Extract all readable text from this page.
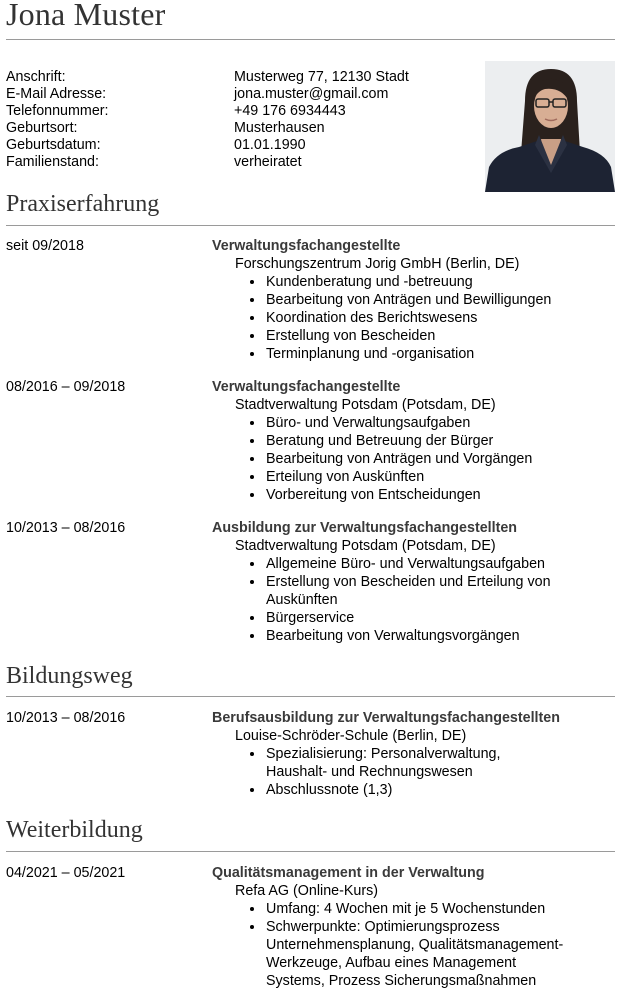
Jona Muster
Anschrift:	Musterweg 77, 12130 Stadt
E-Mail Adresse:	jona.muster@gmail.com
Telefonnummer:	+49 176 6934443
Geburtsort:	Musterhausen
Geburtsdatum:	01.01.1990
Familienstand:	verheiratet
Praxiserfahrung
seit 09/2018	Verwaltungsfachangestellte
Forschungszentrum Jorig GmbH (Berlin, DE)
• Kundenberatung und -betreuung
• Bearbeitung von Anträgen und Bewilligungen
• Koordination des Berichtswesens
• Erstellung von Bescheiden
• Terminplanung und -organisation
08/2016 – 09/2018	Verwaltungsfachangestellte
Stadtverwaltung Potsdam (Potsdam, DE)
• Büro- und Verwaltungsaufgaben
• Beratung und Betreuung der Bürger
• Bearbeitung von Anträgen und Vorgängen
• Erteilung von Auskünften
• Vorbereitung von Entscheidungen
10/2013 – 08/2016	Ausbildung zur Verwaltungsfachangestellten
Stadtverwaltung Potsdam (Potsdam, DE)
• Allgemeine Büro- und Verwaltungsaufgaben
• Erstellung von Bescheiden und Erteilung von Auskünften
• Bürgerservice
• Bearbeitung von Verwaltungsvorgängen
Bildungsweg
10/2013 – 08/2016	Berufsausbildung zur Verwaltungsfachangestellten
Louise-Schröder-Schule (Berlin, DE)
• Spezialisierung: Personalverwaltung, Haushalt- und Rechnungswesen
• Abschlussnote (1,3)
Weiterbildung
04/2021 – 05/2021	Qualitätsmanagement in der Verwaltung
Refa AG (Online-Kurs)
• Umfang: 4 Wochen mit je 5 Wochenstunden
• Schwerpunkte: Optimierungsprozess Unternehmensplanung, Qualitätsmanagement-Werkzeuge, Aufbau eines Management Systems, Prozess Sicherungsmaßnahmen
